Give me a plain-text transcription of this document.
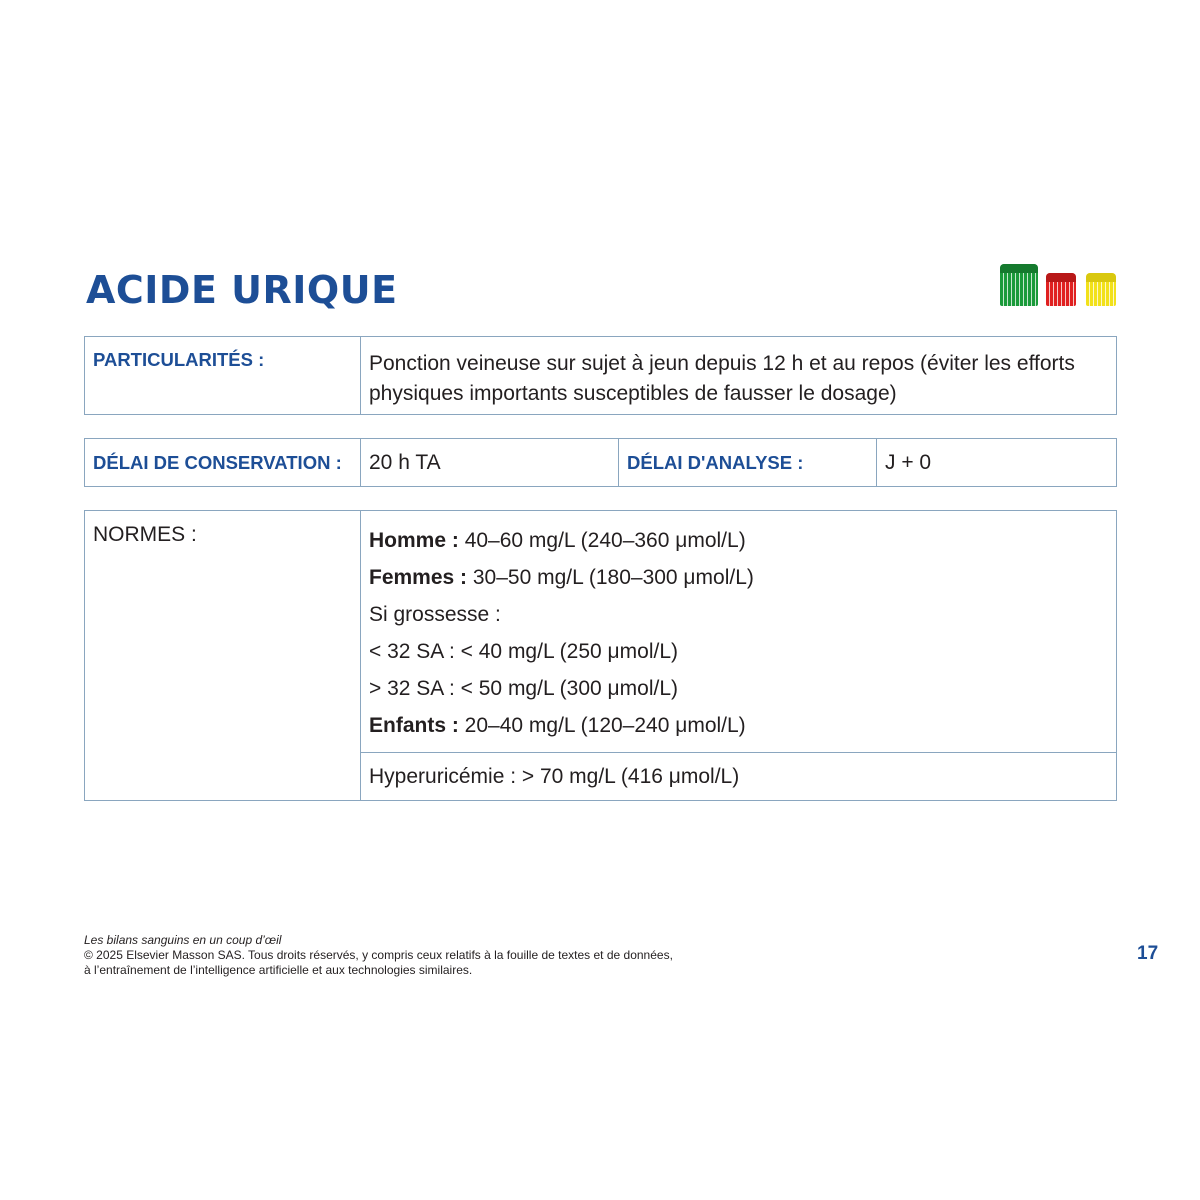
ACIDE URIQUE
PARTICULARITÉS :	Ponction veineuse sur sujet à jeun depuis 12 h et au repos (éviter les efforts physiques importants susceptibles de fausser le dosage)
DÉLAI DE CONSERVATION :	20 h TA	DÉLAI D'ANALYSE :	J + 0
NORMES :	Homme : 40–60 mg/L (240–360 μmol/L)
Femmes : 30–50 mg/L (180–300 μmol/L)
Si grossesse :
< 32 SA : < 40 mg/L (250 μmol/L)
> 32 SA : < 50 mg/L (300 μmol/L)
Enfants : 20–40 mg/L (120–240 μmol/L)

Hyperuricémie : > 70 mg/L (416 μmol/L)
Les bilans sanguins en un coup d’œil
© 2025 Elsevier Masson SAS. Tous droits réservés, y compris ceux relatifs à la fouille de textes et de données,
à l’entraînement de l’intelligence artificielle et aux technologies similaires.
17
